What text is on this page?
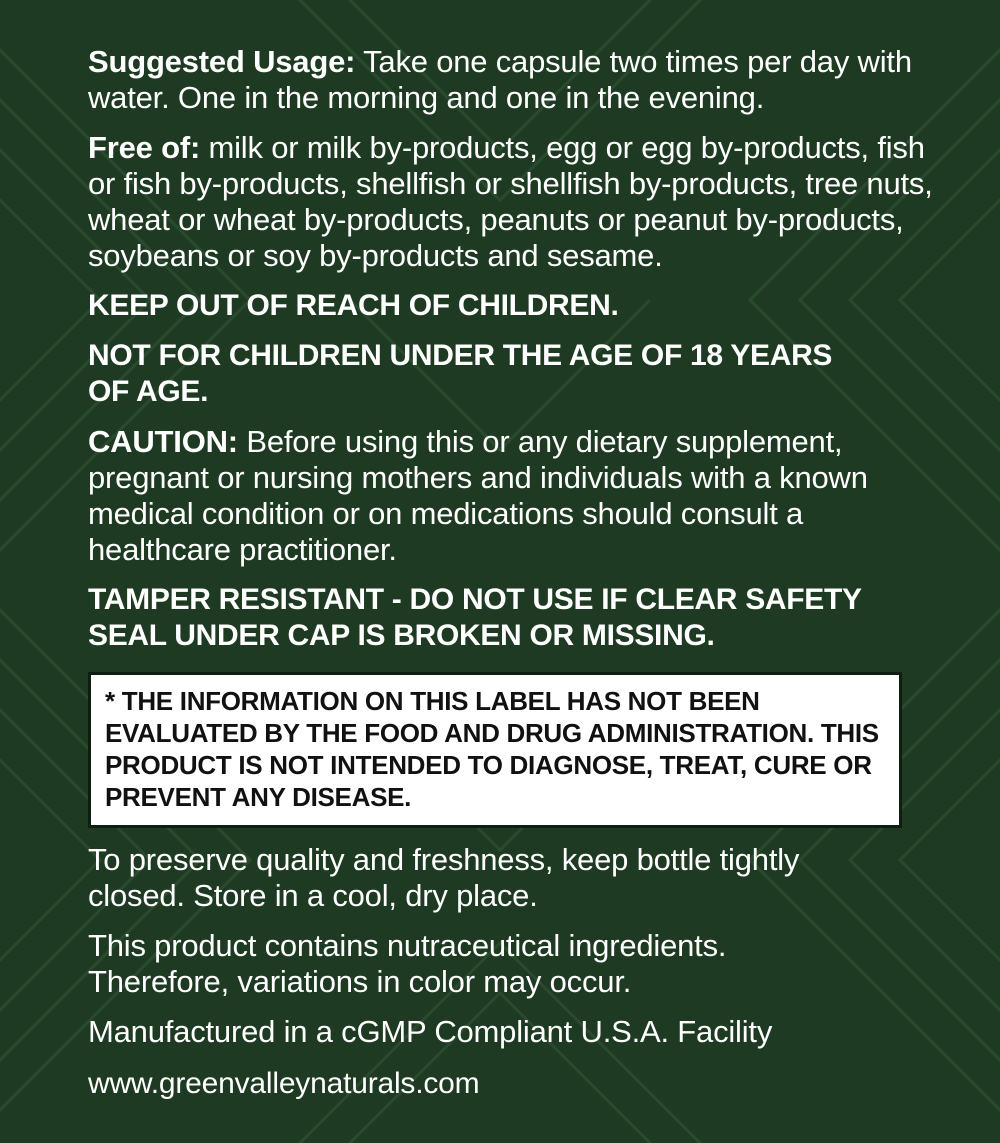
Suggested Usage: Take one capsule two times per day with water. One in the morning and one in the evening.

Free of: milk or milk by-products, egg or egg by-products, fish or fish by-products, shellfish or shellfish by-products, tree nuts, wheat or wheat by-products, peanuts or peanut by-products, soybeans or soy by-products and sesame.

KEEP OUT OF REACH OF CHILDREN.

NOT FOR CHILDREN UNDER THE AGE OF 18 YEARS OF AGE.

CAUTION: Before using this or any dietary supplement, pregnant or nursing mothers and individuals with a known medical condition or on medications should consult a healthcare practitioner.

TAMPER RESISTANT - DO NOT USE IF CLEAR SAFETY SEAL UNDER CAP IS BROKEN OR MISSING.

* THE INFORMATION ON THIS LABEL HAS NOT BEEN EVALUATED BY THE FOOD AND DRUG ADMINISTRATION. THIS PRODUCT IS NOT INTENDED TO DIAGNOSE, TREAT, CURE OR PREVENT ANY DISEASE.

To preserve quality and freshness, keep bottle tightly closed. Store in a cool, dry place.

This product contains nutraceutical ingredients. Therefore, variations in color may occur.

Manufactured in a cGMP Compliant U.S.A. Facility

www.greenvalleynaturals.com
